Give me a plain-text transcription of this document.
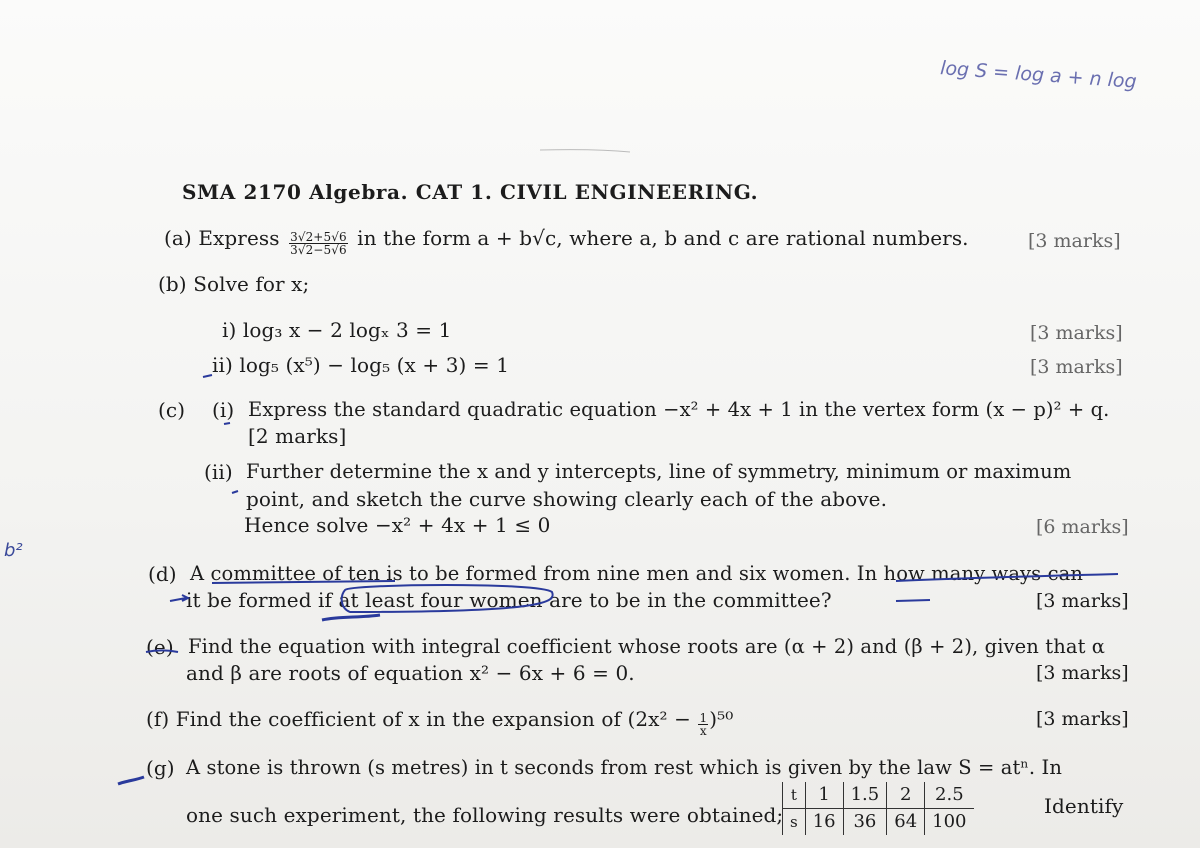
log S = log a + n log
b²
SMA 2170 Algebra. CAT 1. CIVIL ENGINEERING.
(a) Express $\frac{3√2+5√6}{3√2-5√6}$ in the form a + b√c, where a, b and c are rational numbers.	[3 marks]
(b) Solve for x;
i) log₃ x − 2 logₓ 3 = 1	[3 marks]
ii) log₅ (x⁵) − log₅ (x + 3) = 1	[3 marks]
(c) (i) Express the standard quadratic equation −x² + 4x + 1 in the vertex form (x − p)² + q.
[2 marks]
(ii) Further determine the x and y intercepts, line of symmetry, minimum or maximum
point, and sketch the curve showing clearly each of the above.
Hence solve −x² + 4x + 1 ≤ 0	[6 marks]
(d) A committee of ten is to be formed from nine men and six women. In how many ways can
it be formed if at least four women are to be in the committee?	[3 marks]
(e) Find the equation with integral coefficient whose roots are (α + 2) and (β + 2), given that α
and β are roots of equation x² − 6x + 6 = 0.	[3 marks]
(f) Find the coefficient of x in the expansion of $(2x^2 - \frac{1}{x} )^{50}$	[3 marks]
(g) A stone is thrown (s metres) in t seconds from rest which is given by the law S = atⁿ. In
one such experiment, the following results were obtained;
t	1	1.5	2	2.5
s	16	36	64	100
Identify
